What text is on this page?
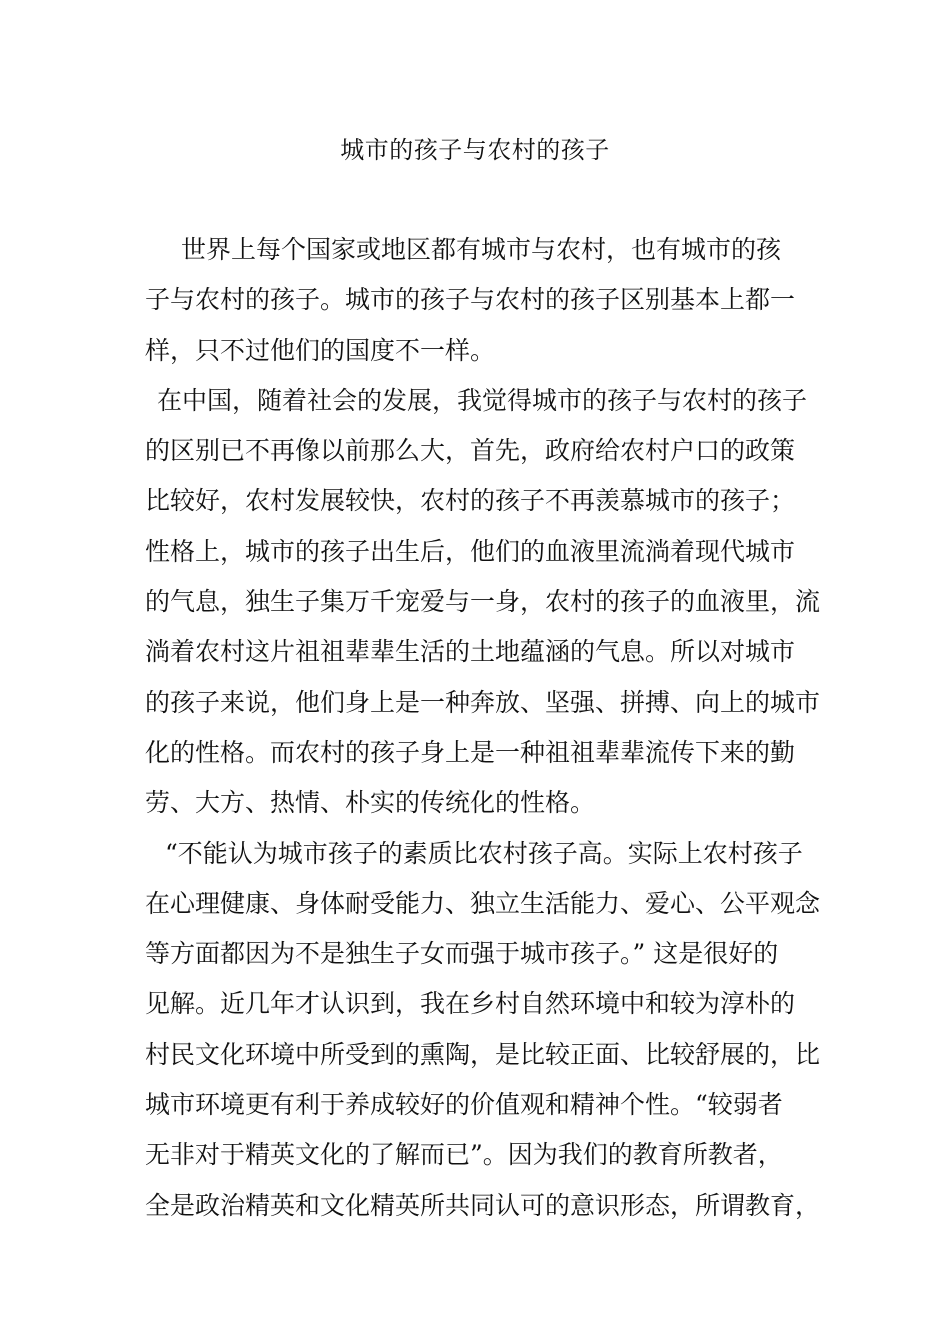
城市的孩子与农村的孩子
世界上每个国家或地区都有城市与农村，也有城市的孩
子与农村的孩子。城市的孩子与农村的孩子区别基本上都一
样，只不过他们的国度不一样。
在中国，随着社会的发展，我觉得城市的孩子与农村的孩子
的区别已不再像以前那么大，首先，政府给农村户口的政策
比较好，农村发展较快，农村的孩子不再羡慕城市的孩子；
性格上，城市的孩子出生后，他们的血液里流淌着现代城市
的气息，独生子集万千宠爱与一身，农村的孩子的血液里，流
淌着农村这片祖祖辈辈生活的土地蕴涵的气息。所以对城市
的孩子来说，他们身上是一种奔放、坚强、拼搏、向上的城市
化的性格。而农村的孩子身上是一种祖祖辈辈流传下来的勤
劳、大方、热情、朴实的传统化的性格。
“不能认为城市孩子的素质比农村孩子高。实际上农村孩子
在心理健康、身体耐受能力、独立生活能力、爱心、公平观念
等方面都因为不是独生子女而强于城市孩子。” 这是很好的
见解。近几年才认识到，我在乡村自然环境中和较为淳朴的
村民文化环境中所受到的熏陶，是比较正面、比较舒展的，比
城市环境更有利于养成较好的价值观和精神个性。“较弱者
无非对于精英文化的了解而已”。因为我们的教育所教者，
全是政治精英和文化精英所共同认可的意识形态，所谓教育，
